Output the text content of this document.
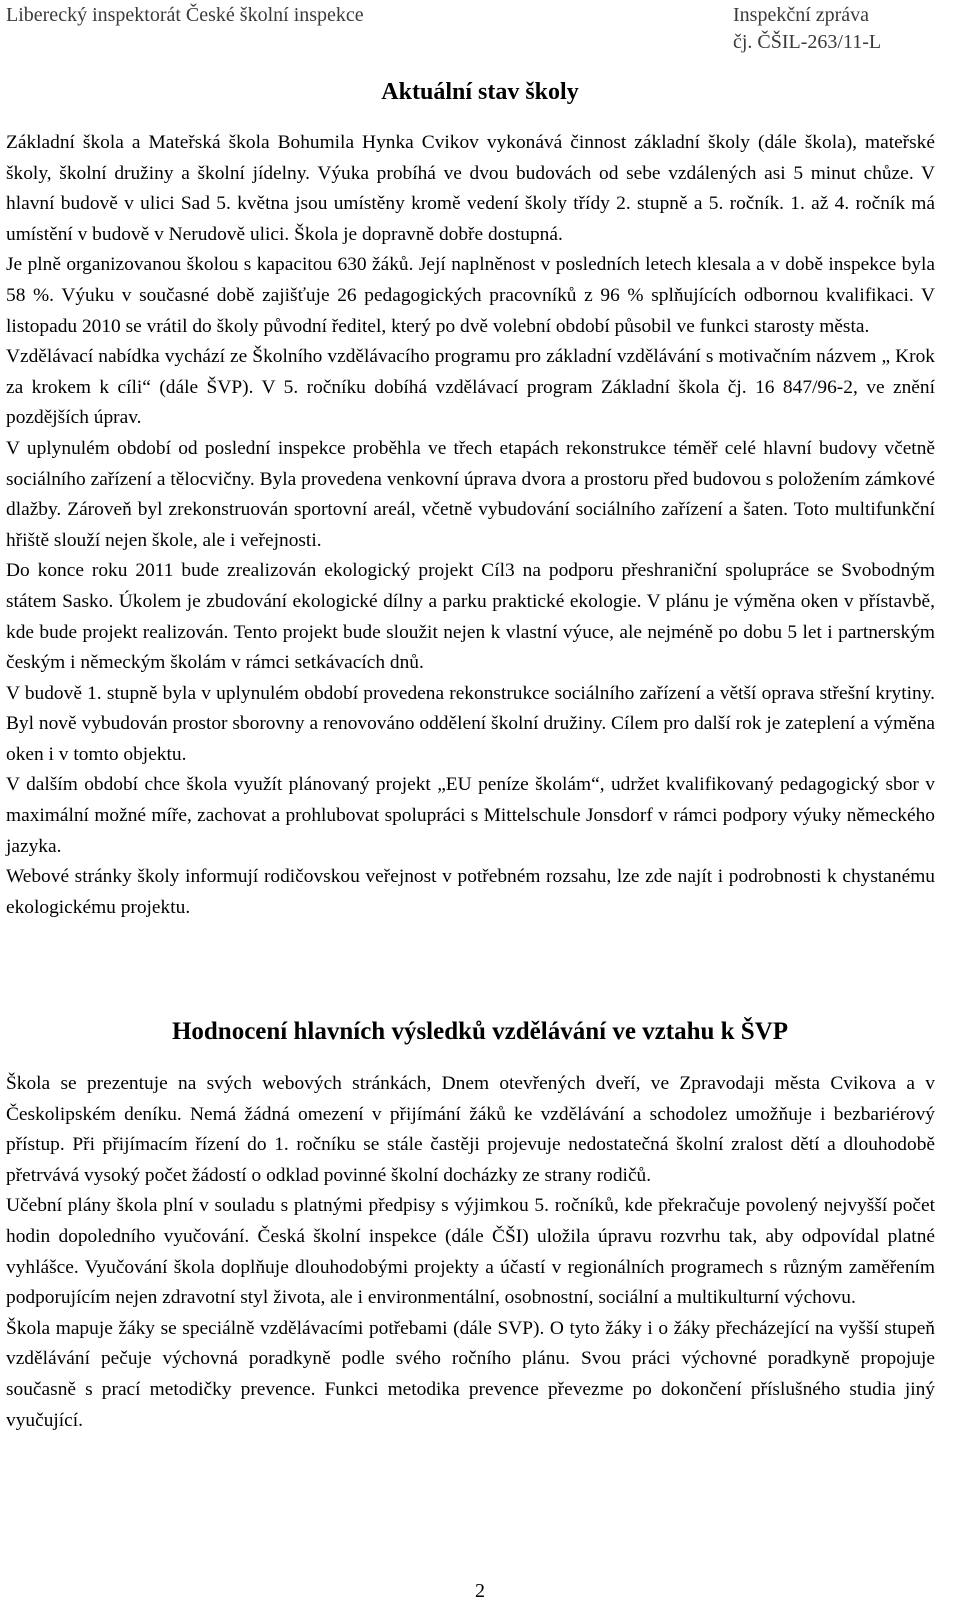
Liberecký inspektorát České školní inspekce	Inspekční zpráva
čj. ČŠIL-263/11-L
Aktuální stav školy

Základní škola a Mateřská škola Bohumila Hynka Cvikov vykonává činnost základní školy (dále škola), mateřské školy, školní družiny a školní jídelny. Výuka probíhá ve dvou budovách od sebe vzdálených asi 5 minut chůze. V hlavní budově v ulici Sad 5. května jsou umístěny kromě vedení školy třídy 2. stupně a 5. ročník. 1. až 4. ročník má umístění v budově v Nerudově ulici. Škola je dopravně dobře dostupná.

Je plně organizovanou školou s kapacitou 630 žáků. Její naplněnost v posledních letech klesala a v době inspekce byla 58 %. Výuku v současné době zajišťuje 26 pedagogických pracovníků z 96 % splňujících odbornou kvalifikaci. V listopadu 2010 se vrátil do školy původní ředitel, který po dvě volební období působil ve funkci starosty města.

Vzdělávací nabídka vychází ze Školního vzdělávacího programu pro základní vzdělávání s motivačním názvem „ Krok za krokem k cíli“ (dále ŠVP). V 5. ročníku dobíhá vzdělávací program Základní škola čj. 16 847/96-2, ve znění pozdějších úprav.

V uplynulém období od poslední inspekce proběhla ve třech etapách rekonstrukce téměř celé hlavní budovy včetně sociálního zařízení a tělocvičny. Byla provedena venkovní úprava dvora a prostoru před budovou s položením zámkové dlažby. Zároveň byl zrekonstruován sportovní areál, včetně vybudování sociálního zařízení a šaten. Toto multifunkční hřiště slouží nejen škole, ale i veřejnosti.

Do konce roku 2011 bude zrealizován ekologický projekt Cíl3 na podporu přeshraniční spolupráce se Svobodným státem Sasko. Úkolem je zbudování ekologické dílny a parku praktické ekologie. V plánu je výměna oken v přístavbě, kde bude projekt realizován. Tento projekt bude sloužit nejen k vlastní výuce, ale nejméně po dobu 5 let i partnerským českým i německým školám v rámci setkávacích dnů.

V budově 1. stupně byla v uplynulém období provedena rekonstrukce sociálního zařízení a větší oprava střešní krytiny. Byl nově vybudován prostor sborovny a renovováno oddělení školní družiny. Cílem pro další rok je zateplení a výměna oken i v tomto objektu.

V dalším období chce škola využít plánovaný projekt „EU peníze školám“, udržet kvalifikovaný pedagogický sbor v maximální možné míře, zachovat a prohlubovat spolupráci s Mittelschule Jonsdorf v rámci podpory výuky německého jazyka.

Webové stránky školy informují rodičovskou veřejnost v potřebném rozsahu, lze zde najít i podrobnosti k chystanému ekologickému projektu.

Hodnocení hlavních výsledků vzdělávání ve vztahu k ŠVP

Škola se prezentuje na svých webových stránkách, Dnem otevřených dveří, ve Zpravodaji města Cvikova a v Českolipském deníku. Nemá žádná omezení v přijímání žáků ke vzdělávání a schodolez umožňuje i bezbariérový přístup. Při přijímacím řízení do 1. ročníku se stále častěji projevuje nedostatečná školní zralost dětí a dlouhodobě přetrvává vysoký počet žádostí o odklad povinné školní docházky ze strany rodičů.

Učební plány škola plní v souladu s platnými předpisy s výjimkou 5. ročníků, kde překračuje povolený nejvyšší počet hodin dopoledního vyučování. Česká školní inspekce (dále ČŠI) uložila úpravu rozvrhu tak, aby odpovídal platné vyhlášce. Vyučování škola doplňuje dlouhodobými projekty a účastí v regionálních programech s různým zaměřením podporujícím nejen zdravotní styl života, ale i environmentální, osobnostní, sociální a multikulturní výchovu.

Škola mapuje žáky se speciálně vzdělávacími potřebami (dále SVP). O tyto žáky i o žáky přecházející na vyšší stupeň vzdělávání pečuje výchovná poradkyně podle svého ročního plánu. Svou práci výchovné poradkyně propojuje současně s prací metodičky prevence. Funkci metodika prevence převezme po dokončení příslušného studia jiný vyučující.

2
